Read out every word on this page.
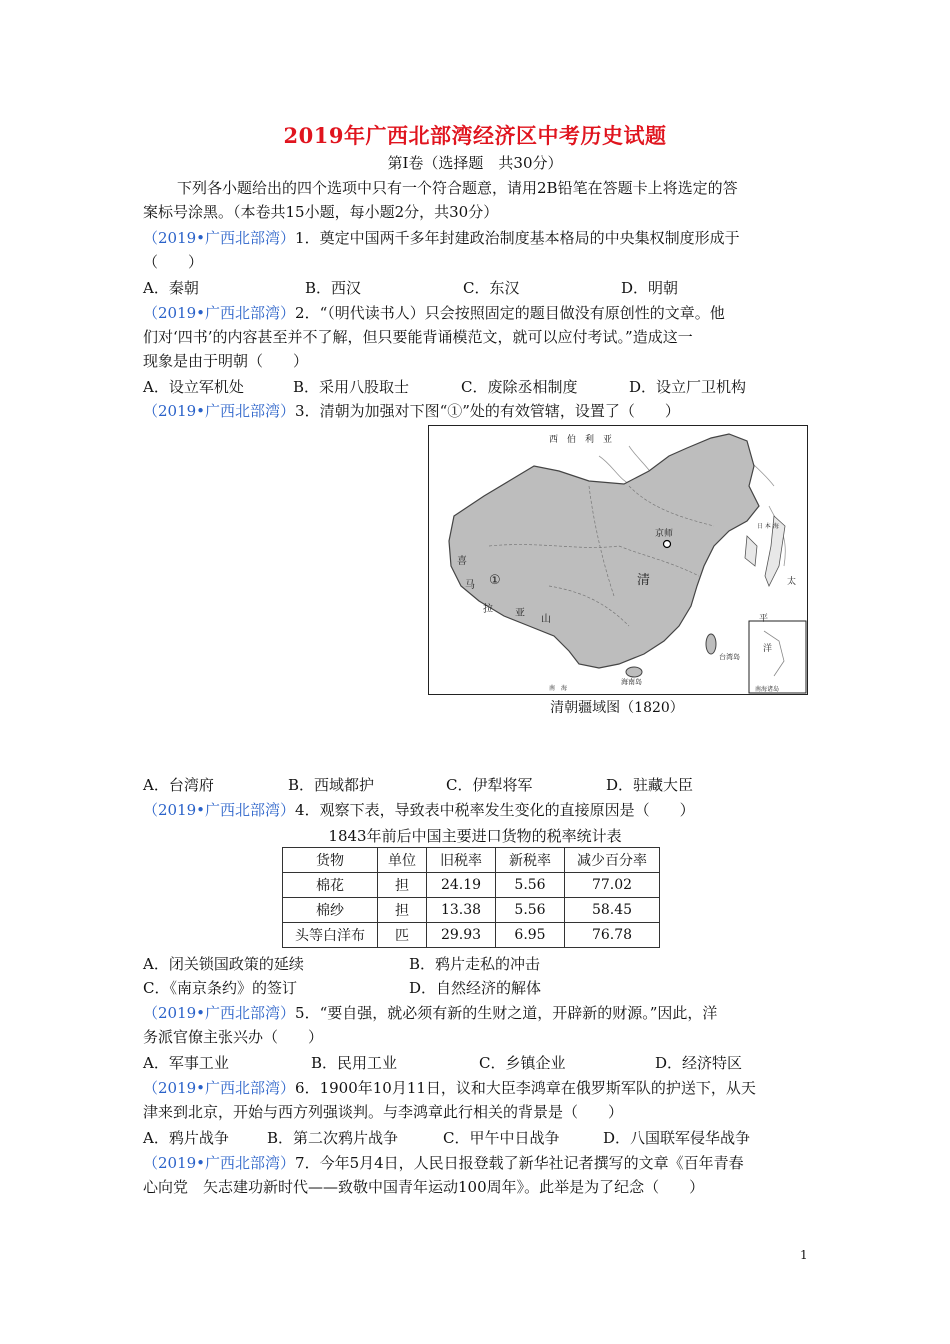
2019年广西北部湾经济区中考历史试题
第Ⅰ卷（选择题　共30分）
下列各小题给出的四个选项中只有一个符合题意，请用2B铅笔在答题卡上将选定的答
案标号涂黑。（本卷共15小题，每小题2分，共30分）
（2019•广西北部湾）1．奠定中国两千多年封建政治制度基本格局的中央集权制度形成于
（　　）
A．秦朝	B．西汉	C．东汉	D．明朝
（2019•广西北部湾）2．“（明代读书人）只会按照固定的题目做没有原创性的文章。他
们对‘四书’的内容甚至并不了解，但只要能背诵模范文，就可以应付考试。”造成这一
现象是由于明朝（　　）
A．设立军机处	B．采用八股取士	C．废除丞相制度	D．设立厂卫机构
（2019•广西北部湾）3．清朝为加强对下图“①”处的有效管辖，设置了（　　）
西　伯　利　亚
京师
①	清
喜
马
拉 亚
山
台湾岛
海南岛
太
平
洋
日 本 海
南海诸岛
南　海
清朝疆域图（1820）
A．台湾府	B．西域都护	C．伊犁将军	D．驻藏大臣
（2019•广西北部湾）4．观察下表，导致表中税率发生变化的直接原因是（　　）
1843年前后中国主要进口货物的税率统计表
货物	单位	旧税率	新税率	减少百分率
棉花	担	24.19	5.56	77.02
棉纱	担	13.38	5.56	58.45
头等白洋布	匹	29.93	6.95	76.78
A．闭关锁国政策的延续	B．鸦片走私的冲击
C．《南京条约》的签订	D．自然经济的解体
（2019•广西北部湾）5．“要自强，就必须有新的生财之道，开辟新的财源。”因此，洋
务派官僚主张兴办（　　）
A．军事工业	B．民用工业	C．乡镇企业	D．经济特区
（2019•广西北部湾）6．1900年10月11日，议和大臣李鸿章在俄罗斯军队的护送下，从天
津来到北京，开始与西方列强谈判。与李鸿章此行相关的背景是（　　）
A．鸦片战争	B．第二次鸦片战争	C．甲午中日战争	D．八国联军侵华战争
（2019•广西北部湾）7．今年5月4日，人民日报登载了新华社记者撰写的文章《百年青春
心向党　矢志建功新时代——致敬中国青年运动100周年》。此举是为了纪念（　　）
1
